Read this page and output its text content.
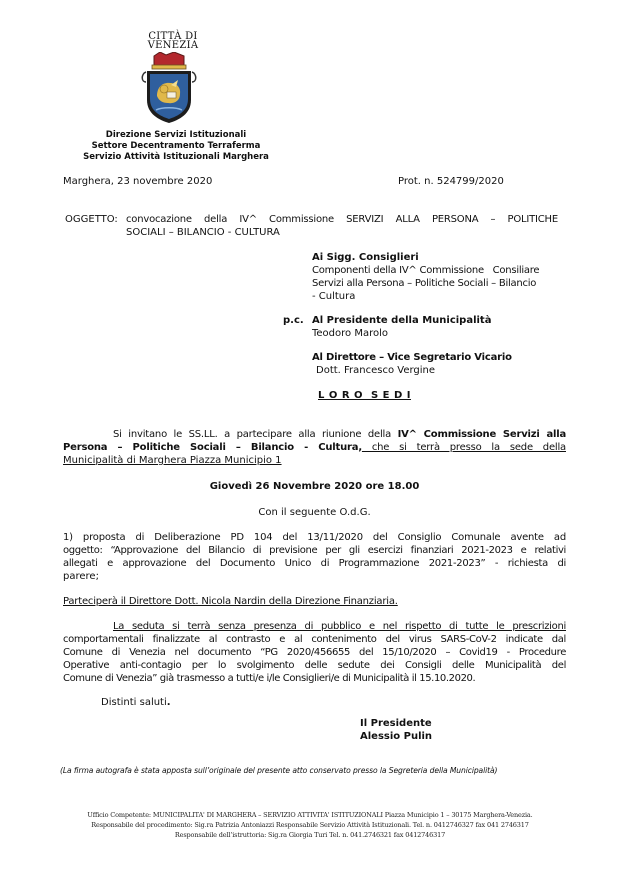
CITTÀ DI
VENEZIA
Direzione Servizi Istituzionali
Settore Decentramento Terraferma
Servizio Attività Istituzionali Marghera
Marghera, 23 novembre 2020	Prot. n. 524799/2020
OGGETTO: convocazione della IV^ Commissione SERVIZI ALLA PERSONA – POLITICHE
SOCIALI – BILANCIO - CULTURA
Ai Sigg. Consiglieri
Componenti della IV^ Commissione   Consiliare
Servizi alla Persona – Politiche Sociali – Bilancio
- Cultura
p.c. Al Presidente della Municipalità
Teodoro Marolo
Al Direttore – Vice Segretario Vicario
Dott. Francesco Vergine
L O R O  S E D I
Si invitano le SS.LL. a partecipare alla riunione della IV^ Commissione Servizi alla
Persona – Politiche Sociali – Bilancio - Cultura, che si terrà presso la sede della
Municipalità di Marghera Piazza Municipio 1
Giovedì 26 Novembre 2020 ore 18.00
Con il seguente O.d.G.
1) proposta di Deliberazione PD 104 del 13/11/2020 del Consiglio Comunale avente ad
oggetto: “Approvazione del Bilancio di previsione per gli esercizi finanziari 2021-2023 e relativi
allegati e approvazione del Documento Unico di Programmazione 2021-2023” - richiesta di
parere;
Parteciperà il Direttore Dott. Nicola Nardin della Direzione Finanziaria.
La seduta si terrà senza presenza di pubblico e nel rispetto di tutte le prescrizioni
comportamentali finalizzate al contrasto e al contenimento del virus SARS-CoV-2 indicate dal
Comune di Venezia nel documento “PG 2020/456655 del 15/10/2020 – Covid19 - Procedure
Operative anti-contagio per lo svolgimento delle sedute dei Consigli delle Municipalità del
Comune di Venezia” già trasmesso a tutti/e i/le Consiglieri/e di Municipalità il 15.10.2020.
Distinti saluti.
Il Presidente
Alessio Pulin
(La firma autografa è stata apposta sull’originale del presente atto conservato presso la Segreteria della Municipalità)
Ufficio Competente: MUNICIPALITA' DI MARGHERA – SERVIZIO ATTIVITA' ISTITUZIONALI Piazza Municipio 1 – 30175 Marghera-Venezia.
Responsabile del procedimento: Sig.ra Patrizia Antoniazzi Responsabile Servizio Attività Istituzionali. Tel. n. 0412746327 fax 041 2746317
Responsabile dell’istruttoria: Sig.ra Giorgia Turi Tel. n. 041.2746321 fax 0412746317
